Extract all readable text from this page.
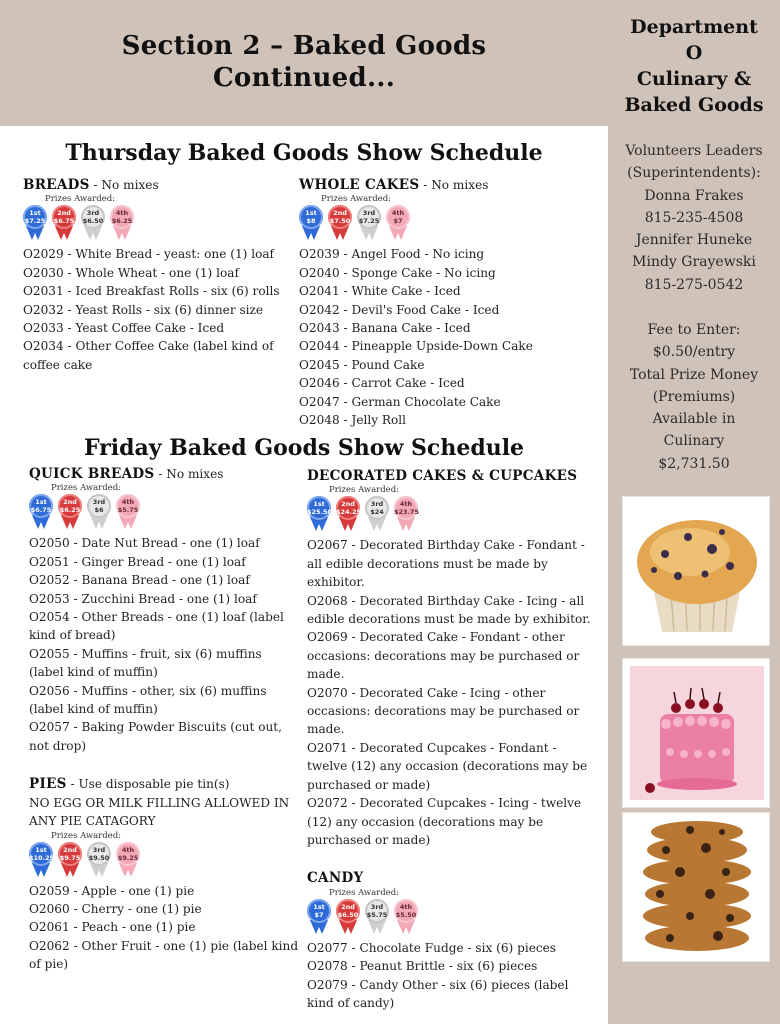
Section 2 – Baked Goods
Continued...
Department
O
Culinary &
Baked Goods
Volunteers Leaders
(Superintendents):
Donna Frakes
815-235-4508
Jennifer Huneke
Mindy Grayewski
815-275-0542
Fee to Enter:
$0.50/entry
Total Prize Money
(Premiums)
Available in
Culinary
$2,731.50
Thursday Baked Goods Show Schedule
BREADS - No mixes
Prizes Awarded:
1st
$7.25
2nd
$6.75
3rd
$6.50
4th
$6.25
O2029 - White Bread - yeast: one (1) loaf
O2030 - Whole Wheat - one (1) loaf
O2031 - Iced Breakfast Rolls - six (6) rolls
O2032 - Yeast Rolls - six (6) dinner size
O2033 - Yeast Coffee Cake - Iced
O2034 - Other Coffee Cake (label kind of coffee cake
WHOLE CAKES - No mixes
Prizes Awarded:
1st
$8
2nd
$7.50
3rd
$7.25
4th
$7
O2039 - Angel Food - No icing
O2040 - Sponge Cake - No icing
O2041 - White Cake - Iced
O2042 - Devil's Food Cake - Iced
O2043 - Banana Cake - Iced
O2044 - Pineapple Upside-Down Cake
O2045 - Pound Cake
O2046 - Carrot Cake - Iced
O2047 - German Chocolate Cake
O2048 - Jelly Roll
Friday Baked Goods Show Schedule
QUICK BREADS - No mixes
Prizes Awarded:
1st
$6.75
2nd
$6.25
3rd
$6
4th
$5.75
O2050 - Date Nut Bread - one (1) loaf
O2051 - Ginger Bread - one (1) loaf
O2052 - Banana Bread - one (1) loaf
O2053 - Zucchini Bread - one (1) loaf
O2054 - Other Breads - one (1) loaf (label kind of bread)
O2055 - Muffins - fruit, six (6) muffins (label kind of muffin)
O2056 - Muffins - other, six (6) muffins (label kind of muffin)
O2057 - Baking Powder Biscuits (cut out, not drop)
PIES - Use disposable pie tin(s)
NO EGG OR MILK FILLING ALLOWED IN ANY PIE CATAGORY
Prizes Awarded:
1st
$10.25
2nd
$9.75
3rd
$9.50
4th
$9.25
O2059 - Apple - one (1) pie
O2060 - Cherry - one (1) pie
O2061 - Peach - one (1) pie
O2062 - Other Fruit - one (1) pie (label kind of pie)
DECORATED CAKES & CUPCAKES
Prizes Awarded:
1st
$25.50
2nd
$24.25
3rd
$24
4th
$23.75
O2067 - Decorated Birthday Cake - Fondant - all edible decorations must be made by exhibitor.
O2068 - Decorated Birthday Cake - Icing - all edible decorations must be made by exhibitor.
O2069 - Decorated Cake - Fondant - other occasions: decorations may be purchased or made.
O2070 - Decorated Cake - Icing - other occasions: decorations may be purchased or made.
O2071 - Decorated Cupcakes - Fondant - twelve (12) any occasion (decorations may be purchased or made)
O2072 - Decorated Cupcakes - Icing - twelve (12) any occasion (decorations may be purchased or made)
CANDY
Prizes Awarded:
1st
$7
2nd
$6.50
3rd
$5.75
4th
$5.50
O2077 - Chocolate Fudge - six (6) pieces
O2078 - Peanut Brittle - six (6) pieces
O2079 - Candy Other - six (6) pieces (label kind of candy)
